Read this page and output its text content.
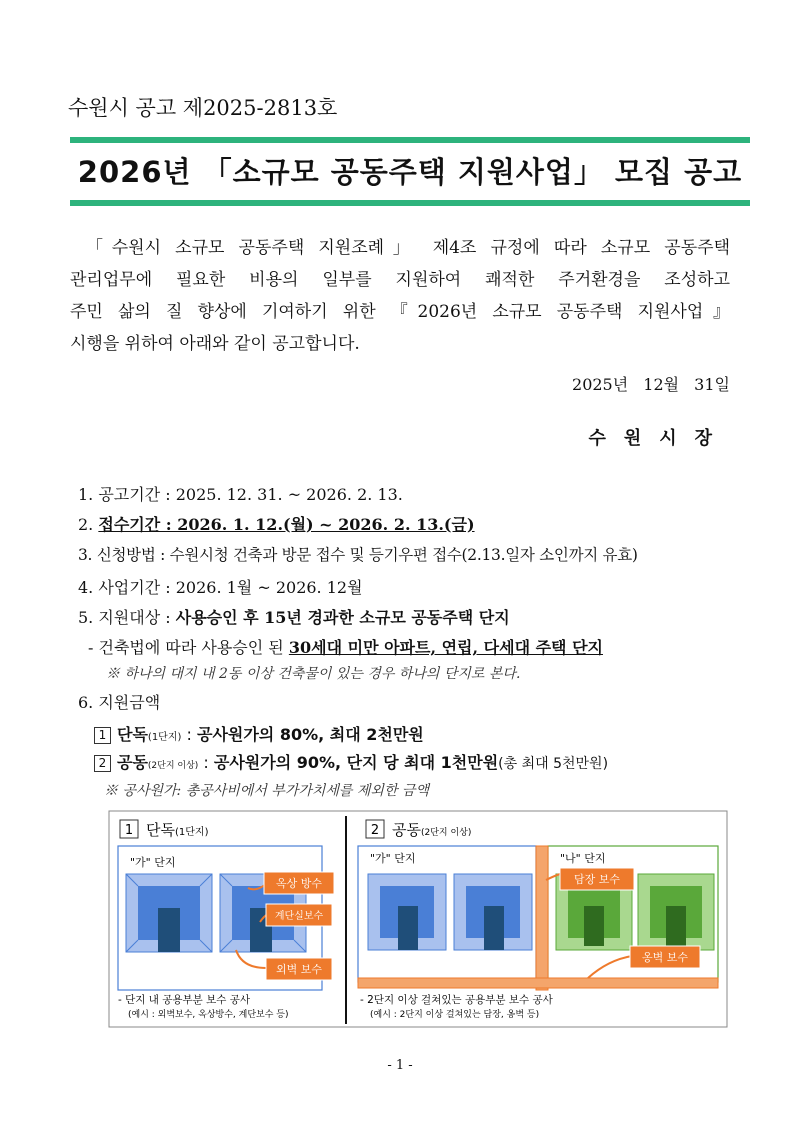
수원시 공고 제2025-2813호
2026년 「소규모 공동주택 지원사업」 모집 공고

「수원시 소규모 공동주택 지원조례」 제4조 규정에 따라 소규모 공동주택

관리업무에 필요한 비용의 일부를 지원하여 쾌적한 주거환경을 조성하고

주민 삶의 질 향상에 기여하기 위한 『2026년 소규모 공동주택 지원사업』

시행을 위하여 아래와 같이 공고합니다.

2025년 12월 31일
수원시장
1. 공고기간 : 2025. 12. 31. ~ 2026. 2. 13.
2. 접수기간 : 2026. 1. 12.(월) ~ 2026. 2. 13.(금)
3. 신청방법 : 수원시청 건축과 방문 접수 및 등기우편 접수(2.13.일자 소인까지 유효)
4. 사업기간 : 2026. 1월 ~ 2026. 12월
5. 지원대상 : 사용승인 후 15년 경과한 소규모 공동주택 단지
- 건축법에 따라 사용승인 된 30세대 미만 아파트, 연립, 다세대 주택 단지
※ 하나의 대지 내 2동 이상 건축물이 있는 경우 하나의 단지로 본다.
6. 지원금액
1 단독(1단지) : 공사원가의 80%, 최대 2천만원
2 공동(2단지 이상) : 공사원가의 90%, 단지 당 최대 1천만원(총 최대 5천만원)
※ 공사원가: 총공사비에서 부가가치세를 제외한 금액
1 단독(1단지)
"가" 단지
옥상 방수
계단실보수
외벽 보수
- 단지 내 공용부분 보수 공사
(예시 : 외벽보수, 옥상방수, 계단보수 등)
2 공동(2단지 이상)
"가" 단지	"나" 단지
담장 보수
옹벽 보수
- 2단지 이상 걸쳐있는 공용부분 보수 공사
(예시 : 2단지 이상 걸쳐있는 담장, 옹벽 등)
- 1 -
